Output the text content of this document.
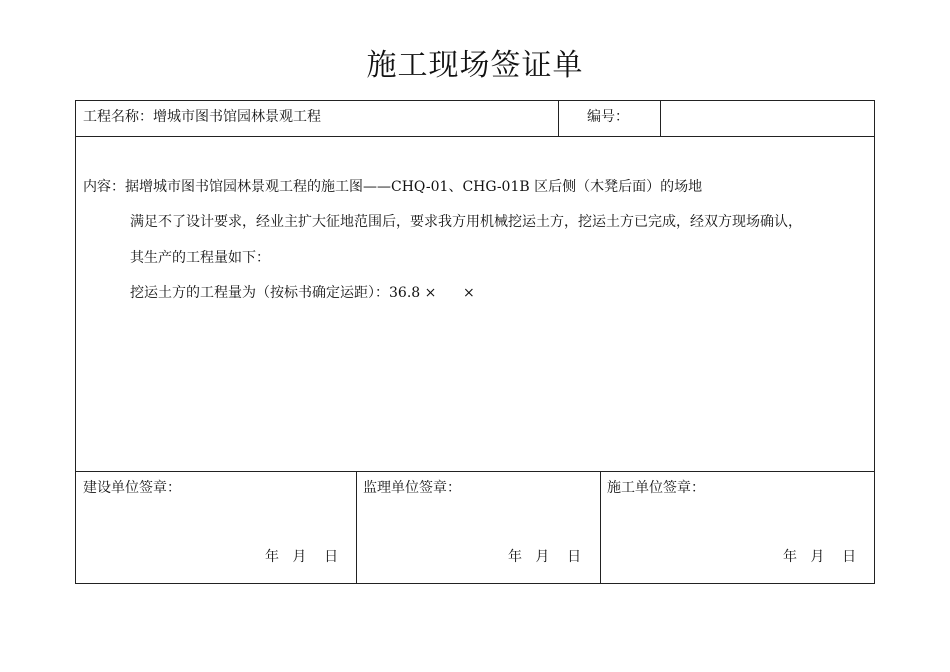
施工现场签证单
工程名称：增城市图书馆园林景观工程	编号：
内容：据增城市图书馆园林景观工程的施工图——CHQ-01、CHG-01B 区后侧（木凳后面）的场地
满足不了设计要求，经业主扩大征地范围后，要求我方用机械挖运土方，挖运土方已完成，经双方现场确认，
其生产的工程量如下：
挖运土方的工程量为（按标书确定运距）：36.8 ×      ×
建设单位签章：
年   月    日
监理单位签章：
年   月    日
施工单位签章：
年   月    日
